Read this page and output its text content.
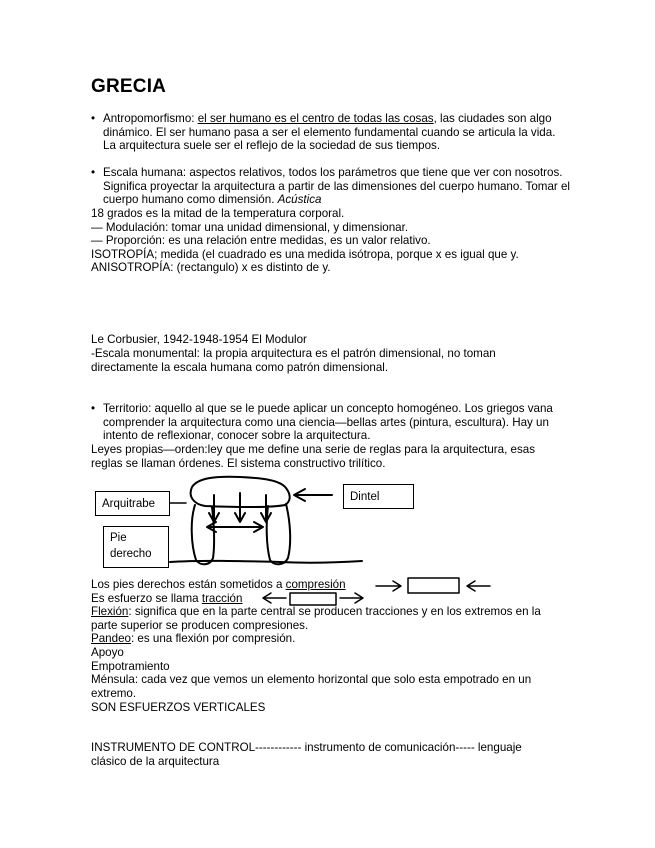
GRECIA
• Antropomorfismo: el ser humano es el centro de todas las cosas, las ciudades son algo dinámico. El ser humano pasa a ser el elemento fundamental cuando se articula la vida. La arquitectura suele ser el reflejo de la sociedad de sus tiempos.
• Escala humana: aspectos relativos, todos los parámetros que tiene que ver con nosotros. Significa proyectar la arquitectura a partir de las dimensiones del cuerpo humano. Tomar el cuerpo humano como dimensión. Acústica
18 grados es la mitad de la temperatura corporal.
— Modulación: tomar una unidad dimensional, y dimensionar.
— Proporción: es una relación entre medidas, es un valor relativo.
ISOTROPÍA; medida (el cuadrado es una medida isótropa, porque x es igual que y.
ANISOTROPÍA: (rectangulo) x es distinto de y.
Le Corbusier, 1942-1948-1954 El Modulor
-Escala monumental: la propia arquitectura es el patrón dimensional, no toman directamente la escala humana como patrón dimensional.
• Territorio: aquello al que se le puede aplicar un concepto homogéneo. Los griegos vana comprender la arquitectura como una ciencia—bellas artes (pintura, escultura). Hay un intento de reflexionar, conocer sobre la arquitectura.
Leyes propias—orden:ley que me define una serie de reglas para la arquitectura, esas reglas se llaman órdenes. El sistema constructivo trilítico.
Arquitrabe
Dintel
Pie
derecho
Los pies derechos están sometidos a compresión
Es esfuerzo se llama tracción
Flexión: significa que en la parte central se producen tracciones y en los extremos en la parte superior se producen compresiones.
Pandeo: es una flexión por compresión.
Apoyo
Empotramiento
Ménsula: cada vez que vemos un elemento horizontal que solo esta empotrado en un extremo.
SON ESFUERZOS VERTICALES
INSTRUMENTO DE CONTROL------------ instrumento de comunicación----- lenguaje clásico de la arquitectura
